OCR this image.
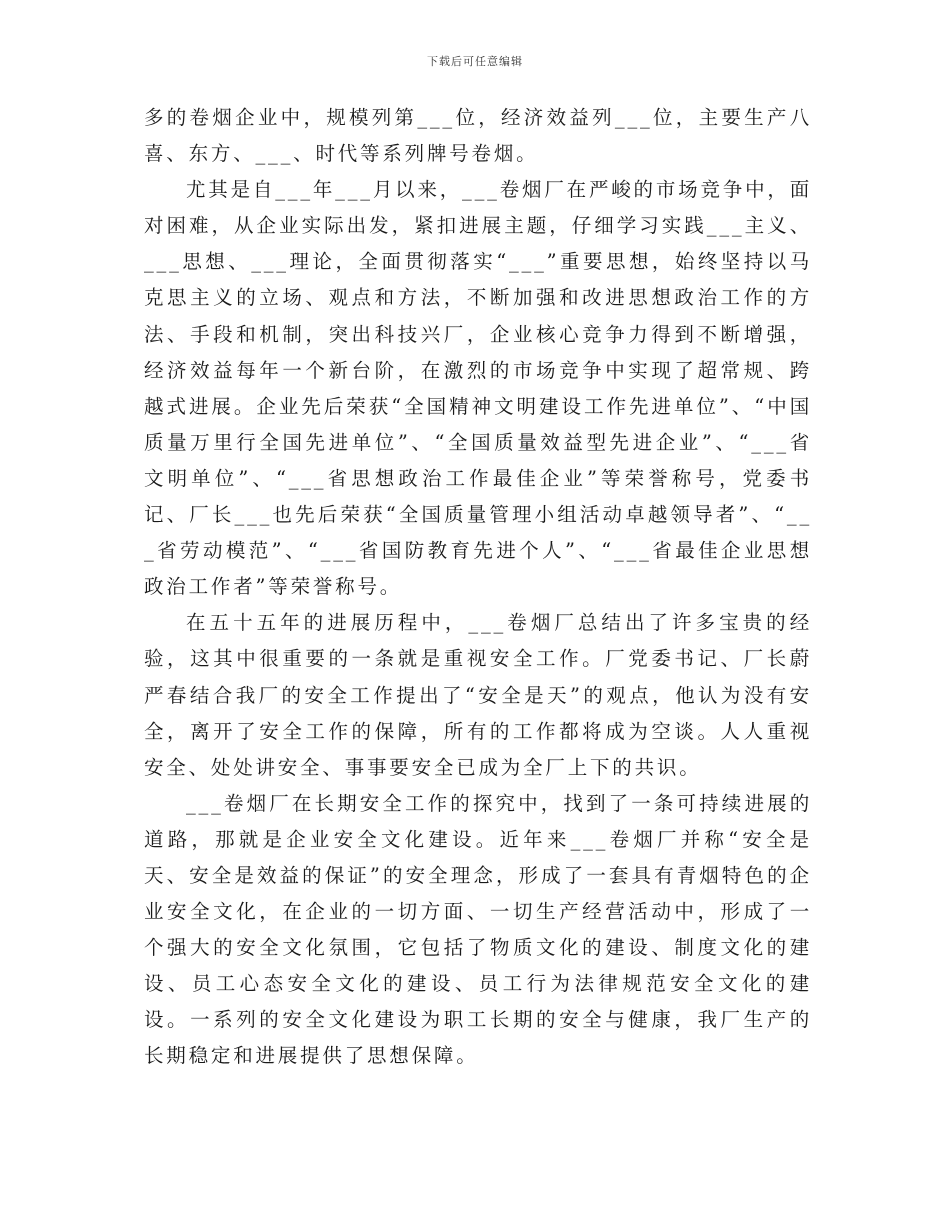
下载后可任意编辑

多的卷烟企业中，规模列第___位，经济效益列___位，主要生产八喜、东方、___、时代等系列牌号卷烟。

尤其是自___年___月以来，___卷烟厂在严峻的市场竞争中，面对困难，从企业实际出发，紧扣进展主题，仔细学习实践___主义、___思想、___理论，全面贯彻落实“___”重要思想，始终坚持以马克思主义的立场、观点和方法，不断加强和改进思想政治工作的方法、手段和机制，突出科技兴厂，企业核心竞争力得到不断增强，经济效益每年一个新台阶，在激烈的市场竞争中实现了超常规、跨越式进展。企业先后荣获“全国精神文明建设工作先进单位”、“中国质量万里行全国先进单位”、“全国质量效益型先进企业”、“___省文明单位”、“___省思想政治工作最佳企业”等荣誉称号，党委书记、厂长___也先后荣获“全国质量管理小组活动卓越领导者”、“___省劳动模范”、“___省国防教育先进个人”、“___省最佳企业思想政治工作者”等荣誉称号。

在五十五年的进展历程中，___卷烟厂总结出了许多宝贵的经验，这其中很重要的一条就是重视安全工作。厂党委书记、厂长蔚严春结合我厂的安全工作提出了“安全是天”的观点，他认为没有安全，离开了安全工作的保障，所有的工作都将成为空谈。人人重视安全、处处讲安全、事事要安全已成为全厂上下的共识。

___卷烟厂在长期安全工作的探究中，找到了一条可持续进展的道路，那就是企业安全文化建设。近年来___卷烟厂并称“安全是天、安全是效益的保证”的安全理念，形成了一套具有青烟特色的企业安全文化，在企业的一切方面、一切生产经营活动中，形成了一个强大的安全文化氛围，它包括了物质文化的建设、制度文化的建设、员工心态安全文化的建设、员工行为法律规范安全文化的建设。一系列的安全文化建设为职工长期的安全与健康，我厂生产的长期稳定和进展提供了思想保障。
